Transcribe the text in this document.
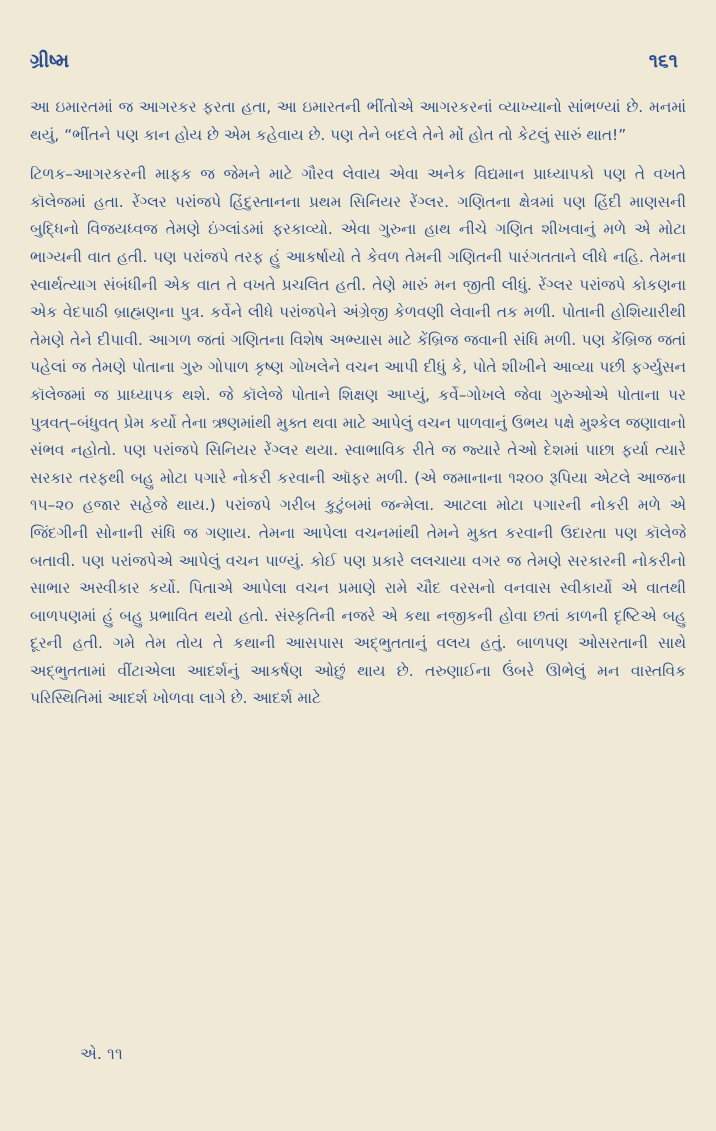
ગ્રીષ્મ	૧૬૧

આ ઇમારતમાં જ આગરકર ફરતા હતા, આ ઇમારતની ભીંતોએ આગરકરનાં વ્યાખ્યાનો સાંભળ્યાં છે. મનમાં થયું, “ભીંતને પણ કાન હોય છે એમ કહેવાય છે. પણ તેને બદલે તેને મોં હોત તો કેટલું સારું થાત!”

ટિળક–આગરકરની માફક જ જેમને માટે ગૌરવ લેવાય એવા અનેક વિદ્યમાન પ્રાધ્યાપકો પણ તે વખતે કૉલેજમાં હતા. રેંગ્લર પરાંજપે હિંદુસ્તાનના પ્રથમ સિનિયર રેંગ્લર. ગણિતના ક્ષેત્રમાં પણ હિંદી માણસની બુદ્ધિનો વિજયધ્વજ તેમણે ઇંગ્લાંડમાં ફરકાવ્યો. એવા ગુરુના હાથ નીચે ગણિત શીખવાનું મળે એ મોટા ભાગ્યની વાત હતી. પણ પરાંજપે તરફ હું આકર્ષાયો તે કેવળ તેમની ગણિતની પારંગતતાને લીધે નહિ. તેમના સ્વાર્થત્યાગ સંબંધીની એક વાત તે વખતે પ્રચલિત હતી. તેણે મારું મન જીતી લીધું. રેંગ્લર પરાંજપે કોકણના એક વેદપાઠી બ્રાહ્મણના પુત્ર. કર્વેને લીધે પરાંજપેને અંગ્રેજી કેળવણી લેવાની તક મળી. પોતાની હોશિયારીથી તેમણે તેને દીપાવી. આગળ જતાં ગણિતના વિશેષ અભ્યાસ માટે કેંબ્રિજ જવાની સંધિ મળી. પણ કેંબ્રિજ જતાં પહેલાં જ તેમણે પોતાના ગુરુ ગોપાળ કૃષ્ણ ગોખલેને વચન આપી દીધું કે, પોતે શીખીને આવ્યા પછી ફર્ગ્યુસન કૉલેજમાં જ પ્રાધ્યાપક થશે. જે કૉલેજે પોતાને શિક્ષણ આપ્યું, કર્વે–ગોખલે જેવા ગુરુઓએ પોતાના પર પુત્રવત્–બંધુવત્ પ્રેમ કર્યો તેના ઋણમાંથી મુક્ત થવા માટે આપેલું વચન પાળવાનું ઉભય પક્ષે મુશ્કેલ જણાવાનો સંભવ નહોતો. પણ પરાંજપે સિનિયર રેંગ્લર થયા. સ્વાભાવિક રીતે જ જ્યારે તેઓ દેશમાં પાછા ફર્યા ત્યારે સરકાર તરફથી બહુ મોટા પગારે નોકરી કરવાની ઑફર મળી. (એ જમાનાના ૧૨૦૦ રૂપિયા એટલે આજના ૧૫–૨૦ હજાર સહેજે થાય.) પરાંજપે ગરીબ કુટુંબમાં જન્મેલા. આટલા મોટા પગારની નોકરી મળે એ જિંદગીની સોનાની સંધિ જ ગણાય. તેમના આપેલા વચનમાંથી તેમને મુક્ત કરવાની ઉદારતા પણ કૉલેજે બતાવી. પણ પરાંજપેએ આપેલું વચન પાળ્યું. કોઈ પણ પ્રકારે લલચાયા વગર જ તેમણે સરકારની નોકરીનો સાભાર અસ્વીકાર કર્યો. પિતાએ આપેલા વચન પ્રમાણે રામે ચૌદ વરસનો વનવાસ સ્વીકાર્યો એ વાતથી બાળપણમાં હું બહુ પ્રભાવિત થયો હતો. સંસ્કૃતિની નજરે એ કથા નજીકની હોવા છતાં કાળની દૃષ્ટિએ બહુ દૂરની હતી. ગમે તેમ તોય તે કથાની આસપાસ અદ્ભુતતાનું વલય હતું. બાળપણ ઓસરતાની સાથે અદ્ભુતતામાં વીંટાએલા આદર્શનું આકર્ષણ ઓછું થાય છે. તરુણાઈના ઉંબરે ઊભેલું મન વાસ્તવિક પરિસ્થિતિમાં આદર્શ ખોળવા લાગે છે. આદર્શ માટે

એ. ૧૧
